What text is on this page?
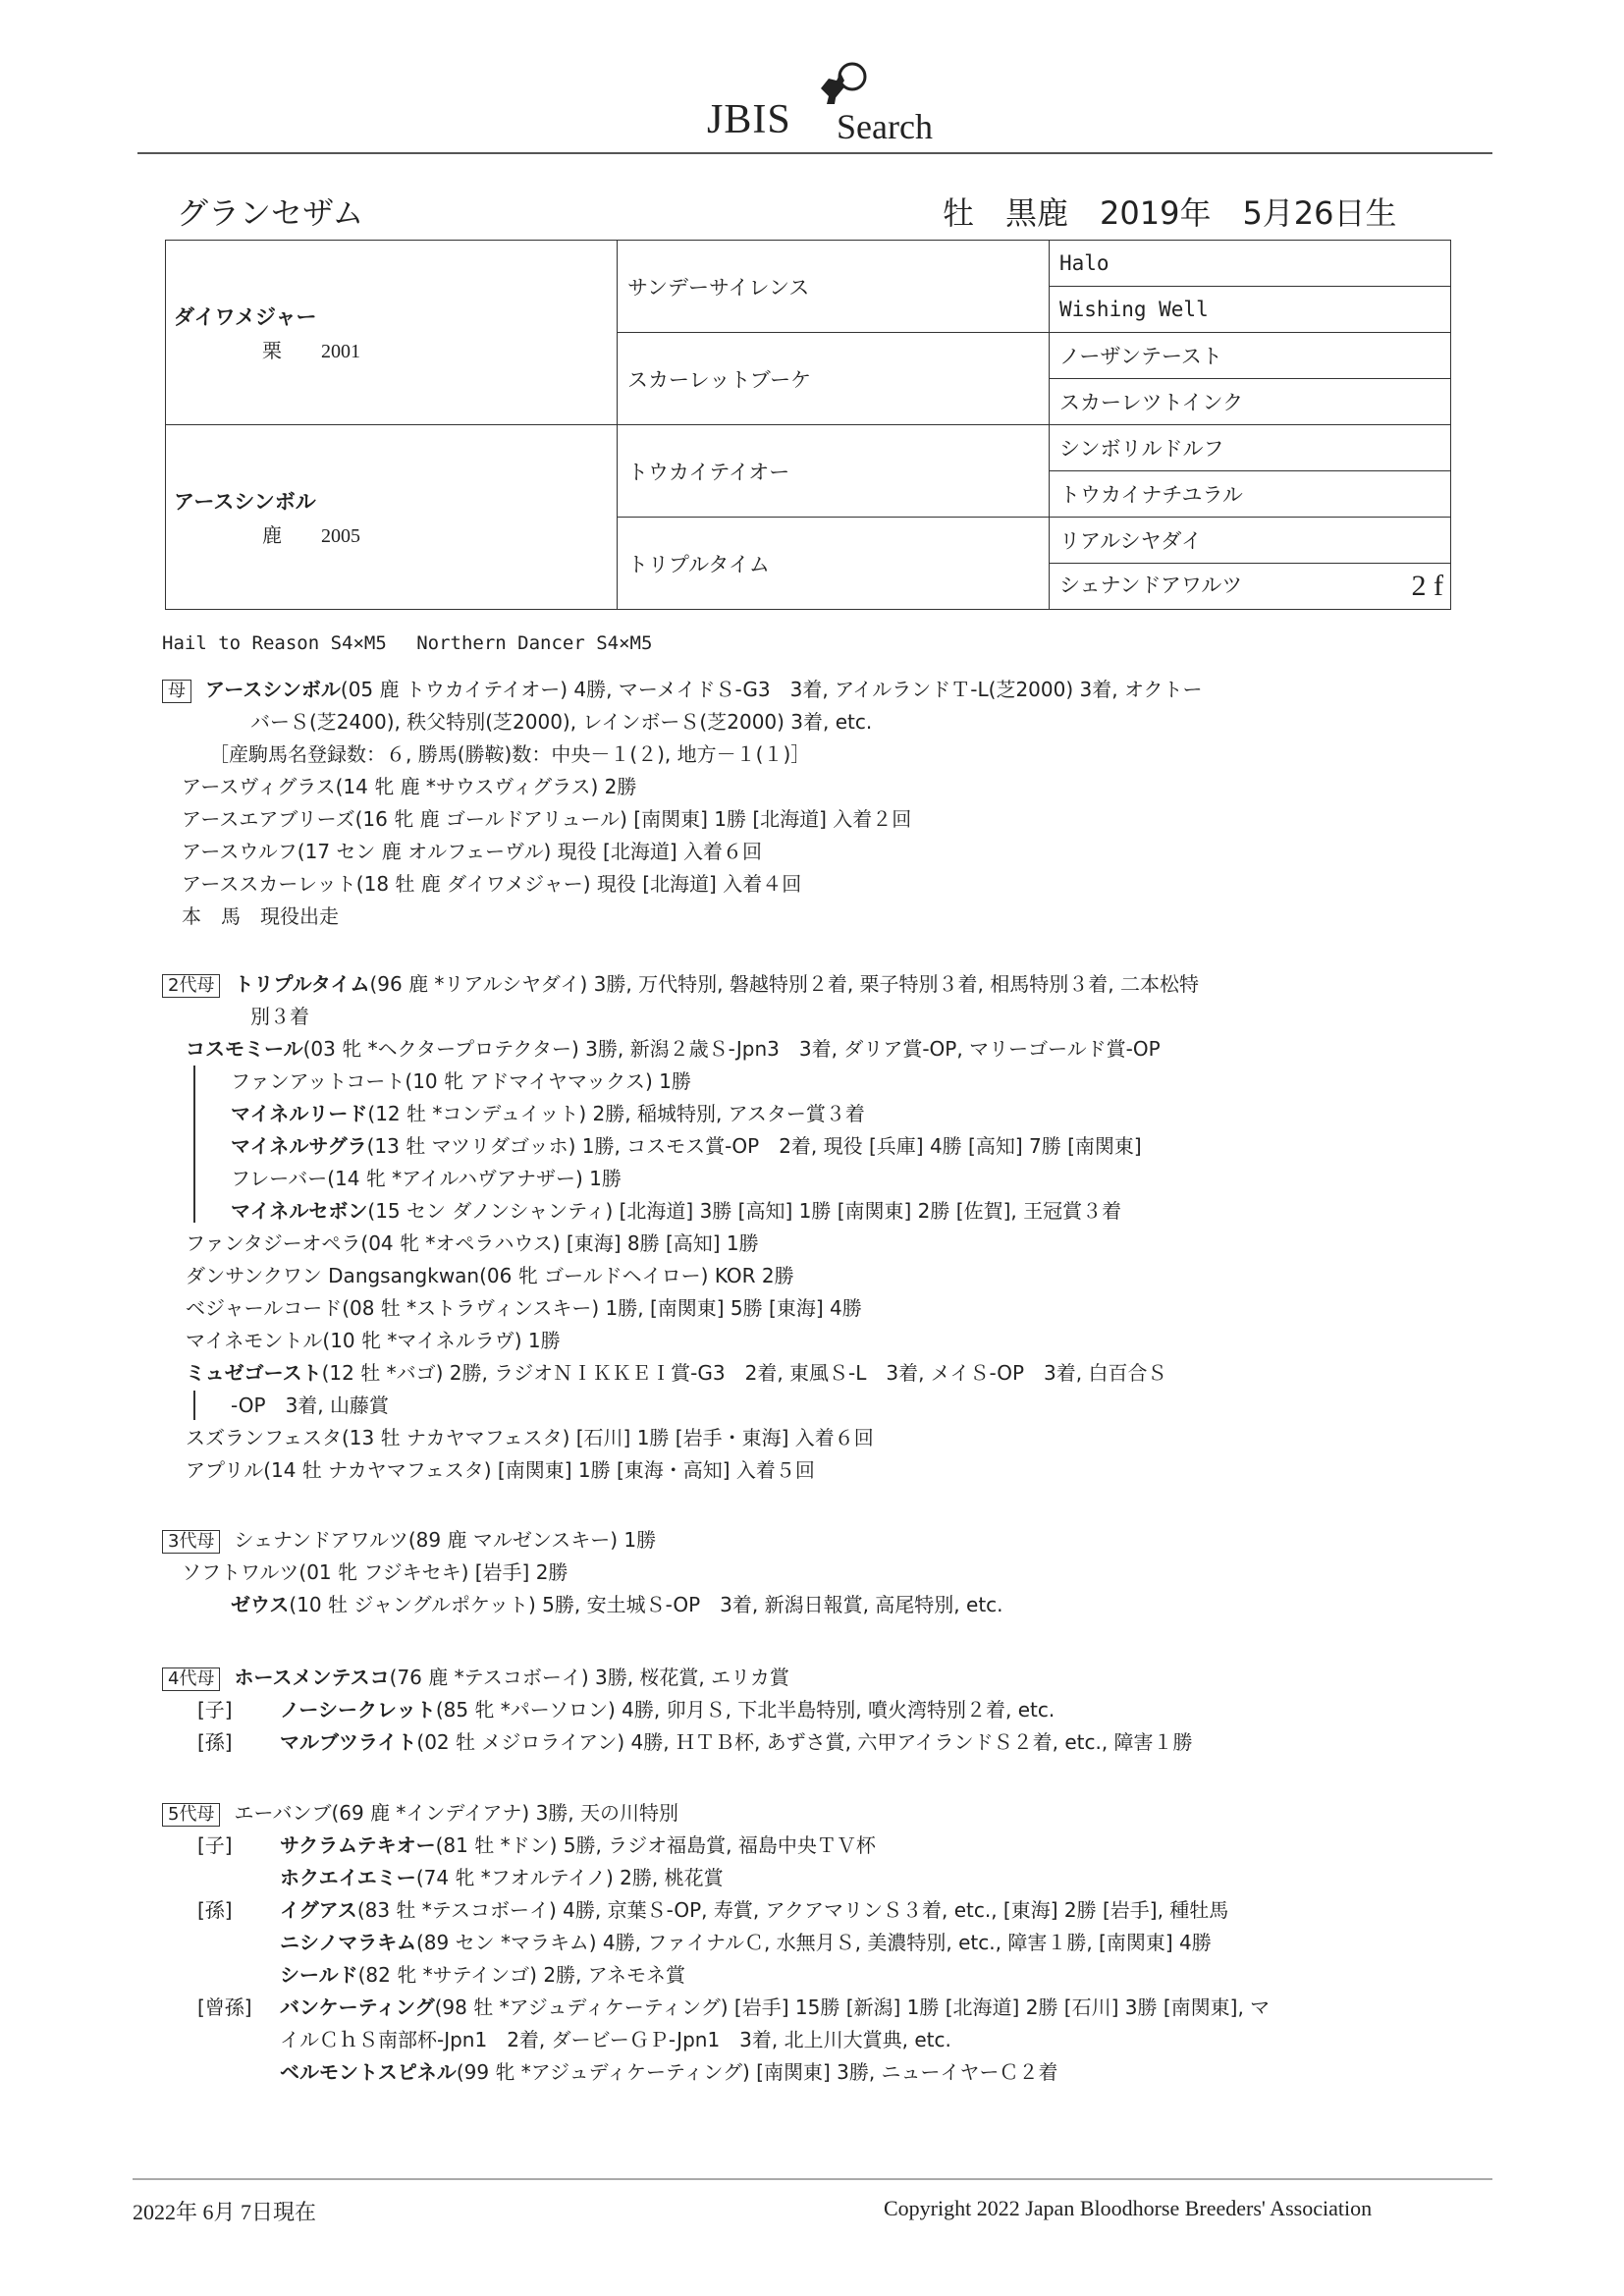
JBIS Search
グランセザム	牡　黒鹿　2019年　5月26日生
ダイワメジャー
栗　　2001	サンデーサイレンス	Halo
		Wishing Well
	スカーレットブーケ	ノーザンテースト
		スカーレツトインク

アースシンボル
鹿　　2005	トウカイテイオー	シンボリルドルフ
		トウカイナチユラル
	トリプルタイム	リアルシヤダイ
		シェナンドアワルツ 2 f
Hail to Reason S4×M5　 Northern Dancer S4×M5
母 アースシンボル(05 鹿 トウカイテイオー) 4勝, マーメイドＳ-G3　3着, アイルランドＴ-L(芝2000) 3着, オクトー
バーＳ(芝2400), 秩父特別(芝2000), レインボーＳ(芝2000) 3着, etc.
［産駒馬名登録数：６, 勝馬(勝鞍)数：中央－１(２), 地方－１(１)］
アースヴィグラス(14 牝 鹿 *サウスヴィグラス) 2勝
アースエアブリーズ(16 牝 鹿 ゴールドアリュール) [南関東] 1勝 [北海道] 入着２回
アースウルフ(17 セン 鹿 オルフェーヴル) 現役 [北海道] 入着６回
アーススカーレット(18 牡 鹿 ダイワメジャー) 現役 [北海道] 入着４回
本　馬　現役出走
2代母 トリプルタイム(96 鹿 *リアルシヤダイ) 3勝, 万代特別, 磐越特別２着, 栗子特別３着, 相馬特別３着, 二本松特
別３着
コスモミール(03 牝 *ヘクタープロテクター) 3勝, 新潟２歳Ｓ-Jpn3　3着, ダリア賞-OP, マリーゴールド賞-OP
ファンアットコート(10 牝 アドマイヤマックス) 1勝
マイネルリード(12 牡 *コンデュイット) 2勝, 稲城特別, アスター賞３着
マイネルサグラ(13 牡 マツリダゴッホ) 1勝, コスモス賞-OP　2着, 現役 [兵庫] 4勝 [高知] 7勝 [南関東]
フレーバー(14 牝 *アイルハヴアナザー) 1勝
マイネルセボン(15 セン ダノンシャンティ) [北海道] 3勝 [高知] 1勝 [南関東] 2勝 [佐賀], 王冠賞３着
ファンタジーオペラ(04 牝 *オペラハウス) [東海] 8勝 [高知] 1勝
ダンサンクワン Dangsangkwan(06 牝 ゴールドヘイロー) KOR 2勝
ベジャールコード(08 牡 *ストラヴィンスキー) 1勝, [南関東] 5勝 [東海] 4勝
マイネモントル(10 牝 *マイネルラヴ) 1勝
ミュゼゴースト(12 牡 *バゴ) 2勝, ラジオＮＩＫＫＥＩ賞-G3　2着, 東風Ｓ-L　3着, メイＳ-OP　3着, 白百合Ｓ
-OP　3着, 山藤賞
スズランフェスタ(13 牡 ナカヤマフェスタ) [石川] 1勝 [岩手・東海] 入着６回
アプリル(14 牡 ナカヤマフェスタ) [南関東] 1勝 [東海・高知] 入着５回
3代母 シェナンドアワルツ(89 鹿 マルゼンスキー) 1勝
ソフトワルツ(01 牝 フジキセキ) [岩手] 2勝
ゼウス(10 牡 ジャングルポケット) 5勝, 安土城Ｓ-OP　3着, 新潟日報賞, 高尾特別, etc.
4代母 ホースメンテスコ(76 鹿 *テスコボーイ) 3勝, 桜花賞, エリカ賞
[子] ノーシークレット(85 牝 *パーソロン) 4勝, 卯月Ｓ, 下北半島特別, 噴火湾特別２着, etc.
[孫] マルブツライト(02 牡 メジロライアン) 4勝, ＨＴＢ杯, あずさ賞, 六甲アイランドＳ２着, etc., 障害１勝
5代母 エーバンブ(69 鹿 *インデイアナ) 3勝, 天の川特別
[子] サクラムテキオー(81 牡 *ドン) 5勝, ラジオ福島賞, 福島中央ＴＶ杯
ホクエイエミー(74 牝 *フオルテイノ) 2勝, 桃花賞
[孫] イグアス(83 牡 *テスコボーイ) 4勝, 京葉Ｓ-OP, 寿賞, アクアマリンＳ３着, etc., [東海] 2勝 [岩手], 種牡馬
ニシノマラキム(89 セン *マラキム) 4勝, ファイナルＣ, 水無月Ｓ, 美濃特別, etc., 障害１勝, [南関東] 4勝
シールド(82 牝 *サテインゴ) 2勝, アネモネ賞
[曾孫] バンケーティング(98 牡 *アジュディケーティング) [岩手] 15勝 [新潟] 1勝 [北海道] 2勝 [石川] 3勝 [南関東], マ
イルＣｈＳ南部杯-Jpn1　2着, ダービーＧＰ-Jpn1　3着, 北上川大賞典, etc.
ベルモントスピネル(99 牝 *アジュディケーティング) [南関東] 3勝, ニューイヤーＣ２着
2022年 6月 7日現在	Copyright 2022 Japan Bloodhorse Breeders' Association
